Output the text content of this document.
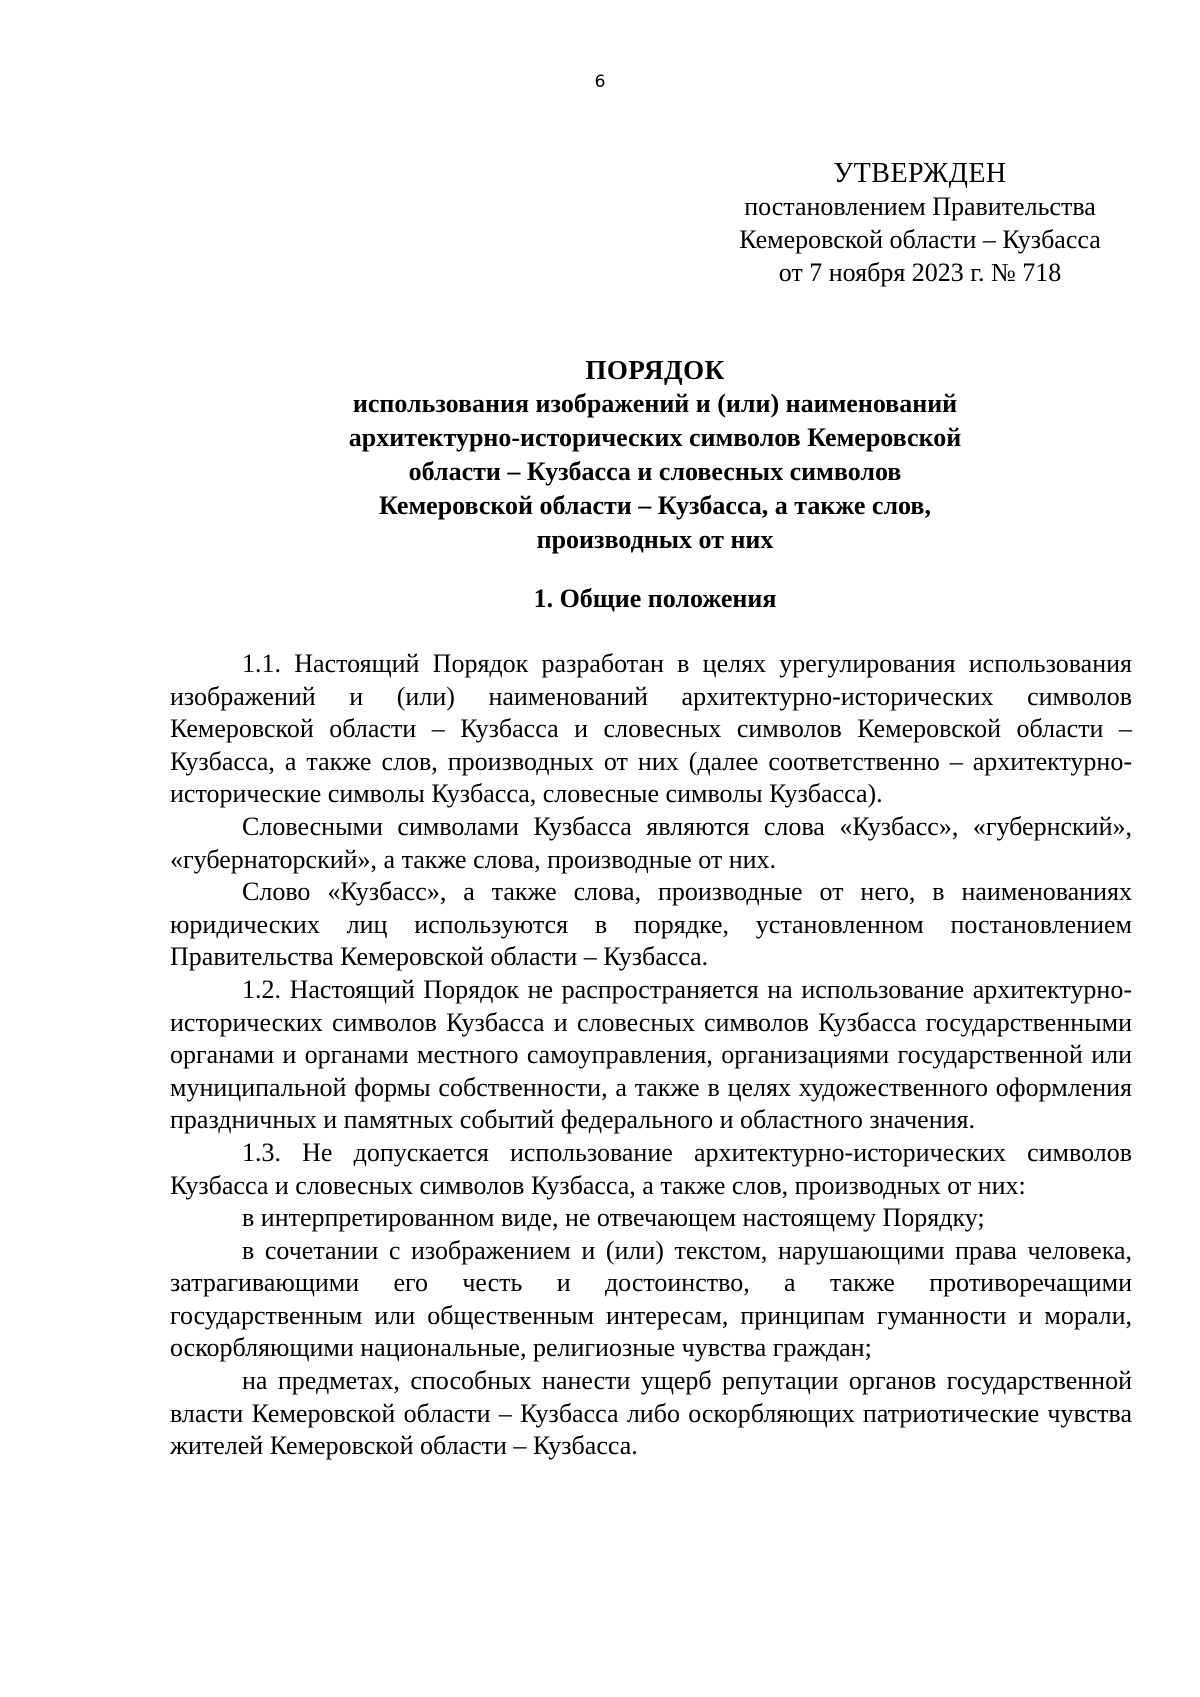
6
УТВЕРЖДЕН
постановлением Правительства
Кемеровской области – Кузбасса
от 7 ноября 2023 г. № 718
ПОРЯДОК
использования изображений и (или) наименований
архитектурно-исторических символов Кемеровской
области – Кузбасса и словесных символов
Кемеровской области – Кузбасса, а также слов,
производных от них
1. Общие положения

1.1. Настоящий Порядок разработан в целях урегулирования использования изображений и (или) наименований архитектурно-исторических символов Кемеровской области – Кузбасса и словесных символов Кемеровской области – Кузбасса, а также слов, производных от них (далее соответственно – архитектурно-исторические символы Кузбасса, словесные символы Кузбасса).

Словесными символами Кузбасса являются слова «Кузбасс», «губернский», «губернаторский», а также слова, производные от них.

Слово «Кузбасс», а также слова, производные от него, в наименованиях юридических лиц используются в порядке, установленном постановлением Правительства Кемеровской области – Кузбасса.

1.2. Настоящий Порядок не распространяется на использование архитектурно-исторических символов Кузбасса и словесных символов Кузбасса государственными органами и органами местного самоуправления, организациями государственной или муниципальной формы собственности, а также в целях художественного оформления праздничных и памятных событий федерального и областного значения.

1.3. Не допускается использование архитектурно-исторических символов Кузбасса и словесных символов Кузбасса, а также слов, производных от них:

в интерпретированном виде, не отвечающем настоящему Порядку;

в сочетании с изображением и (или) текстом, нарушающими права человека, затрагивающими его честь и достоинство, а также противоречащими государственным или общественным интересам, принципам гуманности и морали, оскорбляющими национальные, религиозные чувства граждан;

на предметах, способных нанести ущерб репутации органов государственной власти Кемеровской области – Кузбасса либо оскорбляющих патриотические чувства жителей Кемеровской области – Кузбасса.
